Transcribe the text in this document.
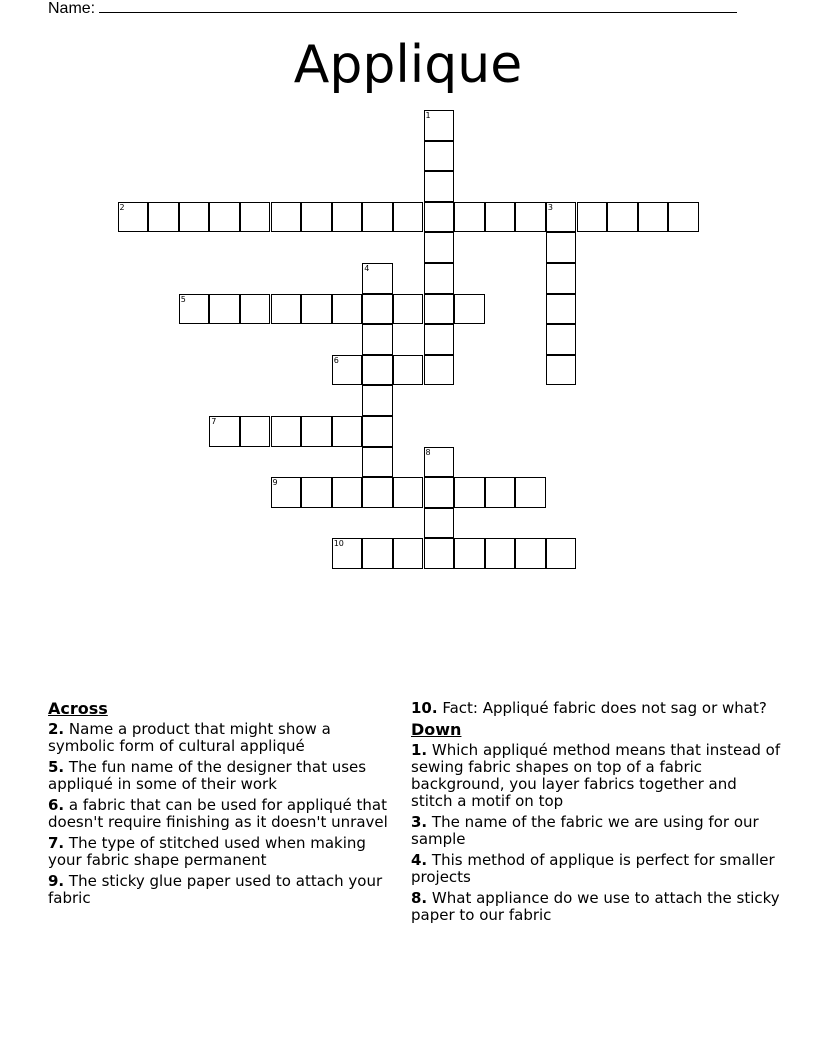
Name:
Applique
1
2	3
4
5
6
7
8
9
10
Across
2. Name a product that might show a symbolic form of cultural appliqué
5. The fun name of the designer that uses appliqué in some of their work
6. a fabric that can be used for appliqué that doesn't require finishing as it doesn't unravel
7. The type of stitched used when making your fabric shape permanent
9. The sticky glue paper used to attach your fabric
10. Fact: Appliqué fabric does not sag or what?
Down
1. Which appliqué method means that instead of sewing fabric shapes on top of a fabric background, you layer fabrics together and stitch a motif on top
3. The name of the fabric we are using for our sample
4. This method of applique is perfect for smaller projects
8. What appliance do we use to attach the sticky paper to our fabric
